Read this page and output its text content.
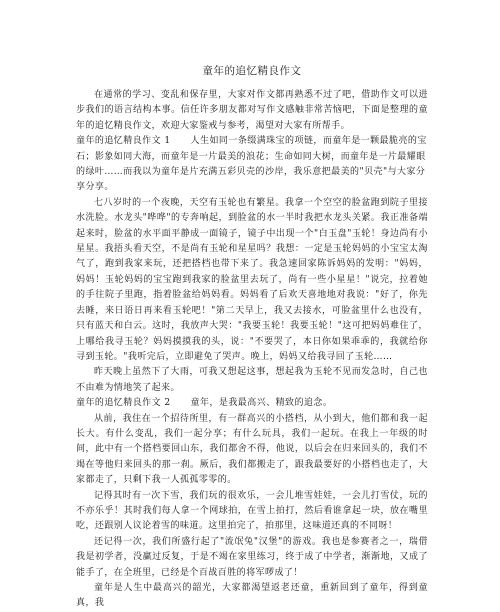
童年的追忆精良作文

在通常的学习、变乱和保存里，大家对作文都再熟悉不过了吧，借助作文可以进步我们的语言结构本事。信任许多朋友都对写作文感触非常苦恼吧，下面是整理的童年的追忆精良作文，欢迎大家鉴戒与参考，渴望对大家有所帮手。

童年的追忆精良作文 1 人生如同一条缀满珠宝的项链，而童年是一颗最脆亮的宝石；影象如同大海，而童年是一片最美的浪花；生命如同大树，而童年是一片最耀眼的绿叶……而我以为童年是片充满五彩贝壳的沙岸，我乐意把最美的"贝壳"与大家分享分享。

七八岁时的一个夜晚，天空有玉轮也有繁星。我拿一个空空的脸盆跑到院子里接水洗脸。水龙头"哗哗"的专奔响起，到脸盆的水一半时我把水龙头关紧。我正准备端起来时，脸盆的水平面平静成一面镜子，镜子中出现一个"白玉盘"玉轮！身边尚有小星星。我捂头看天空，不是尚有玉轮和星星吗？我想：一定是玉轮妈妈的小宝宝太淘气了，跑到我家来玩，还把搭档也带下来了。我急速回家陈诉妈妈的发明："妈妈，妈妈！玉轮妈妈的宝宝跑到我家的脸盆里去玩了，尚有一些小星星！"说完，拉着她的手往院子里跑，指着脸盆给妈妈看。妈妈看了后欢天喜地地对我说："好了，你先去睡，来日语日再来看玉轮吧！"第二天早上，我又去接水，可脸盆里什么也没有，只有蓝天和白云。这时，我放声大哭："我要玉轮！我要玉轮！"这可把妈妈难住了，上哪给我寻玉轮？妈妈摸摸我的头，说："不要哭了，本日你如果乖乖的，我就给你寻到玉轮。"我听完后，立即避免了哭声。晚上，妈妈又给我寻回了玉轮……

昨天晚上虽然下了大雨，可我又想起这事，想起我为玉轮不见而发急时，自己也不由难为情地笑了起来。

童年的追忆精良作文 2 童年，是我最高兴、精致的追念。

从前，我住在一个招待所里，有一群高兴的小搭档，从小到大，他们都和我一起长大。有什么变乱，我们一起分享；有什么玩具，我们一起玩。在我上一年级的时间，此中有一个搭档要回山东，我们都舍不得，他说，以后会在归来回头的，我们不竭在等他归来回头的那一刹。厥后，我们都搬走了，跟我最要好的小搭档也走了，大家都走了，只剩下我一人孤孤零零的。

记得其时有一次下雪，我们玩的很欢乐，一会儿堆雪娃娃，一会儿打雪仗，玩的不亦乐乎！其时我们每人拿一个网球拍，在雪上拍打，然后看谁拿起一块，放在嘴里吃，还跟别人议论着雪的味道。这里拍完了，拍那里，这味道还真的不同呀！

还记得一次，我们所盛行起了"流氓兔"汉堡"的游戏。我也是参赛者之一，瑞借我是初学者，没赢过反复，于是不竭在家里练习，终于成了中学者，渐渐地，又成了能手了，在全班里，已经是个百战百胜的将军啰成了！

童年是人生中最高兴的韶光，大家都渴望返老还童，重新回到了童年，得到童真，我
